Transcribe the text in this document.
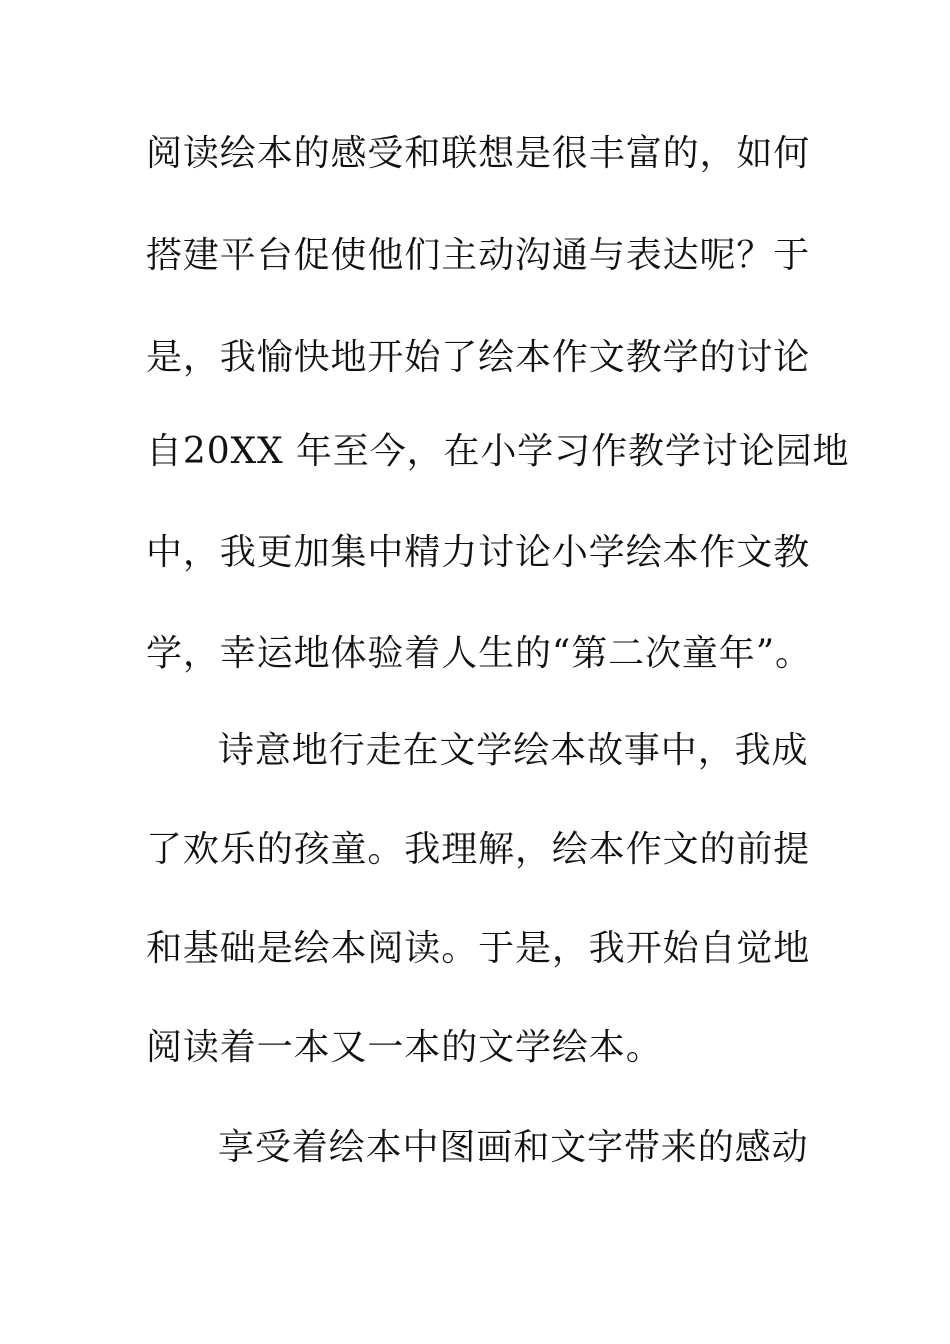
阅读绘本的感受和联想是很丰富的，如何
搭建平台促使他们主动沟通与表达呢？于
是，我愉快地开始了绘本作文教学的讨论
自20XX 年至今，在小学习作教学讨论园地
中，我更加集中精力讨论小学绘本作文教
学，幸运地体验着人生的“第二次童年”。
诗意地行走在文学绘本故事中，我成
了欢乐的孩童。我理解，绘本作文的前提
和基础是绘本阅读。于是，我开始自觉地
阅读着一本又一本的文学绘本。
享受着绘本中图画和文字带来的感动
